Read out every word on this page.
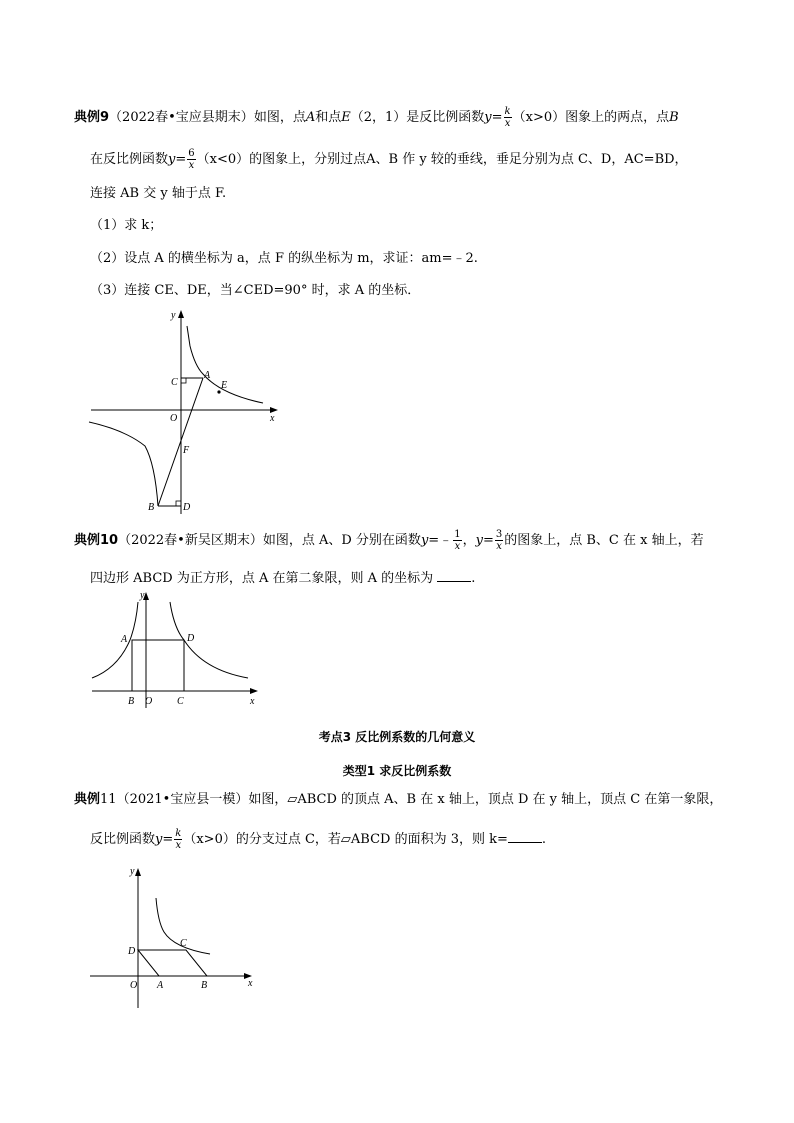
典例9（2022春•宝应县期末）如图，点A和点E（2，1）是反比例函数$y= \frac{k}{x} (x>0)$图象上的两点，点B
在反比例函数$y= \frac{6}{x} (x<0)$的图象上，分别过点A、B 作 y 较的垂线，垂足分别为点 C、D，AC=BD，
连接 AB 交 y 轴于点 F.
（1）求 k；
（2）设点 A 的横坐标为 a，点 F 的纵坐标为 m，求证：am=﹣2.
（3）连接 CE、DE，当∠CED=90° 时，求 A 的坐标．
y
x
O
C
A
E
F
B	D
典例10（2022春•新吴区期末）如图，点 A、D 分别在函数y=﹣ $\frac{1}{x}$ ，$y= \frac{3}{x}$ 的图象上，点 B、C 在 x 轴上，若
四边形 ABCD 为正方形，点 A 在第二象限，则 A 的坐标为	.
y
x
A	D
B O C
考点3 反比例系数的几何意义
类型1 求反比例系数
典例11（2021•宝应县一模）如图，▱ABCD 的顶点 A、B 在 x 轴上，顶点 D 在 y 轴上，顶点 C 在第一象限，
反比例函数$y= \frac{k}{x} (x>0)$的分支过点 C，若▱ABCD 的面积为 3，则 k=	.
y
x
D
C
O A	B
